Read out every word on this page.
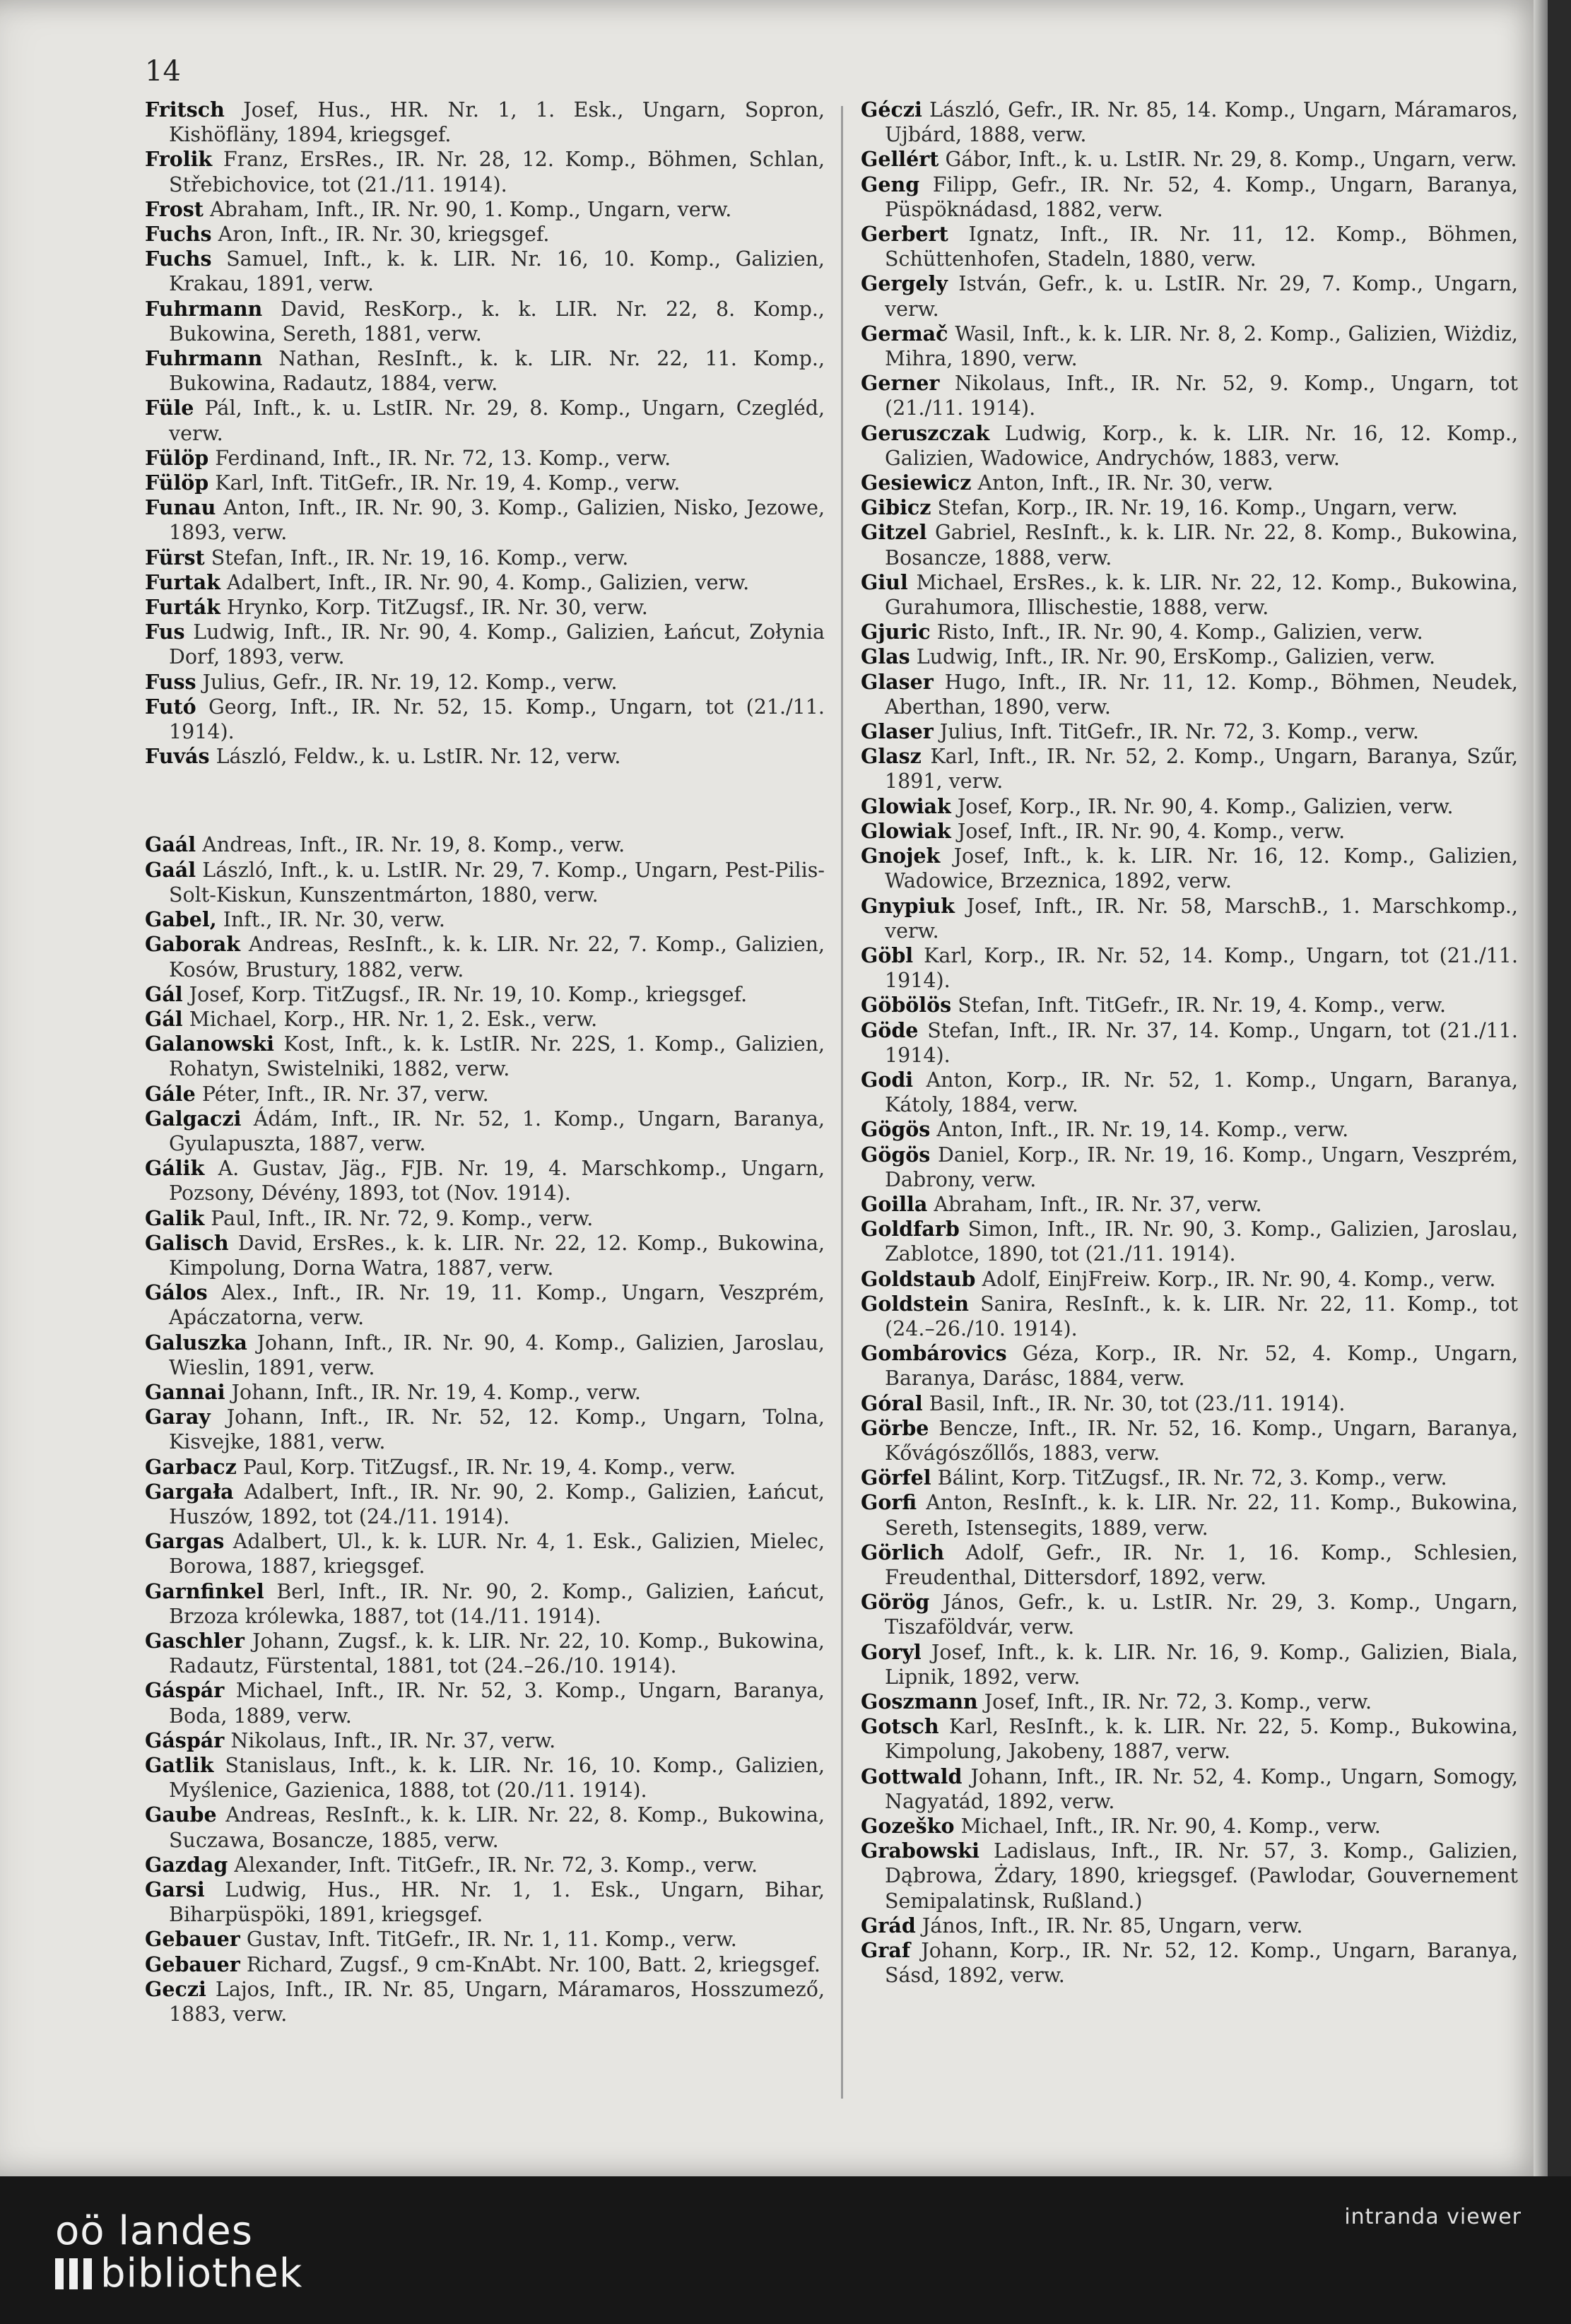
14

Fritsch Josef, Hus., HR. Nr. 1, 1. Esk., Ungarn, Sopron, Kishöfläny, 1894, kriegsgef.

Frolik Franz, ErsRes., IR. Nr. 28, 12. Komp., Böhmen, Schlan, Střebichovice, tot (21./11. 1914).

Frost Abraham, Inft., IR. Nr. 90, 1. Komp., Ungarn, verw.

Fuchs Aron, Inft., IR. Nr. 30, kriegsgef.

Fuchs Samuel, Inft., k. k. LIR. Nr. 16, 10. Komp., Galizien, Krakau, 1891, verw.

Fuhrmann David, ResKorp., k. k. LIR. Nr. 22, 8. Komp., Bukowina, Sereth, 1881, verw.

Fuhrmann Nathan, ResInft., k. k. LIR. Nr. 22, 11. Komp., Bukowina, Radautz, 1884, verw.

Füle Pál, Inft., k. u. LstIR. Nr. 29, 8. Komp., Ungarn, Czegléd, verw.

Fülöp Ferdinand, Inft., IR. Nr. 72, 13. Komp., verw.

Fülöp Karl, Inft. TitGefr., IR. Nr. 19, 4. Komp., verw.

Funau Anton, Inft., IR. Nr. 90, 3. Komp., Galizien, Nisko, Jezowe, 1893, verw.

Fürst Stefan, Inft., IR. Nr. 19, 16. Komp., verw.

Furtak Adalbert, Inft., IR. Nr. 90, 4. Komp., Galizien, verw.

Furták Hrynko, Korp. TitZugsf., IR. Nr. 30, verw.

Fus Ludwig, Inft., IR. Nr. 90, 4. Komp., Galizien, Łańcut, Zołynia Dorf, 1893, verw.

Fuss Julius, Gefr., IR. Nr. 19, 12. Komp., verw.

Futó Georg, Inft., IR. Nr. 52, 15. Komp., Ungarn, tot (21./11. 1914).

Fuvás László, Feldw., k. u. LstIR. Nr. 12, verw.

Gaál Andreas, Inft., IR. Nr. 19, 8. Komp., verw.

Gaál László, Inft., k. u. LstIR. Nr. 29, 7. Komp., Ungarn, Pest-Pilis-Solt-Kiskun, Kunszentmárton, 1880, verw.

Gabel, Inft., IR. Nr. 30, verw.

Gaborak Andreas, ResInft., k. k. LIR. Nr. 22, 7. Komp., Galizien, Kosów, Brustury, 1882, verw.

Gál Josef, Korp. TitZugsf., IR. Nr. 19, 10. Komp., kriegsgef.

Gál Michael, Korp., HR. Nr. 1, 2. Esk., verw.

Galanowski Kost, Inft., k. k. LstIR. Nr. 22S, 1. Komp., Galizien, Rohatyn, Swistelniki, 1882, verw.

Gále Péter, Inft., IR. Nr. 37, verw.

Galgaczi Ádám, Inft., IR. Nr. 52, 1. Komp., Ungarn, Baranya, Gyulapuszta, 1887, verw.

Gálik A. Gustav, Jäg., FJB. Nr. 19, 4. Marschkomp., Ungarn, Pozsony, Dévény, 1893, tot (Nov. 1914).

Galik Paul, Inft., IR. Nr. 72, 9. Komp., verw.

Galisch David, ErsRes., k. k. LIR. Nr. 22, 12. Komp., Bukowina, Kimpolung, Dorna Watra, 1887, verw.

Gálos Alex., Inft., IR. Nr. 19, 11. Komp., Ungarn, Veszprém, Apáczatorna, verw.

Galuszka Johann, Inft., IR. Nr. 90, 4. Komp., Galizien, Jaroslau, Wieslin, 1891, verw.

Gannai Johann, Inft., IR. Nr. 19, 4. Komp., verw.

Garay Johann, Inft., IR. Nr. 52, 12. Komp., Ungarn, Tolna, Kisvejke, 1881, verw.

Garbacz Paul, Korp. TitZugsf., IR. Nr. 19, 4. Komp., verw.

Gargała Adalbert, Inft., IR. Nr. 90, 2. Komp., Galizien, Łańcut, Huszów, 1892, tot (24./11. 1914).

Gargas Adalbert, Ul., k. k. LUR. Nr. 4, 1. Esk., Galizien, Mielec, Borowa, 1887, kriegsgef.

Garnfinkel Berl, Inft., IR. Nr. 90, 2. Komp., Galizien, Łańcut, Brzoza królewka, 1887, tot (14./11. 1914).

Gaschler Johann, Zugsf., k. k. LIR. Nr. 22, 10. Komp., Bukowina, Radautz, Fürstental, 1881, tot (24.–26./10. 1914).

Gáspár Michael, Inft., IR. Nr. 52, 3. Komp., Ungarn, Baranya, Boda, 1889, verw.

Gáspár Nikolaus, Inft., IR. Nr. 37, verw.

Gatlik Stanislaus, Inft., k. k. LIR. Nr. 16, 10. Komp., Galizien, Myślenice, Gazienica, 1888, tot (20./11. 1914).

Gaube Andreas, ResInft., k. k. LIR. Nr. 22, 8. Komp., Bukowina, Suczawa, Bosancze, 1885, verw.

Gazdag Alexander, Inft. TitGefr., IR. Nr. 72, 3. Komp., verw.

Garsi Ludwig, Hus., HR. Nr. 1, 1. Esk., Ungarn, Bihar, Biharpüspöki, 1891, kriegsgef.

Gebauer Gustav, Inft. TitGefr., IR. Nr. 1, 11. Komp., verw.

Gebauer Richard, Zugsf., 9 cm-KnAbt. Nr. 100, Batt. 2, kriegsgef.

Geczi Lajos, Inft., IR. Nr. 85, Ungarn, Máramaros, Hosszumező, 1883, verw.

Géczi László, Gefr., IR. Nr. 85, 14. Komp., Ungarn, Máramaros, Ujbárd, 1888, verw.

Gellért Gábor, Inft., k. u. LstIR. Nr. 29, 8. Komp., Ungarn, verw.

Geng Filipp, Gefr., IR. Nr. 52, 4. Komp., Ungarn, Baranya, Püspöknádasd, 1882, verw.

Gerbert Ignatz, Inft., IR. Nr. 11, 12. Komp., Böhmen, Schüttenhofen, Stadeln, 1880, verw.

Gergely István, Gefr., k. u. LstIR. Nr. 29, 7. Komp., Ungarn, verw.

Germač Wasil, Inft., k. k. LIR. Nr. 8, 2. Komp., Galizien, Wiżdiz, Mihra, 1890, verw.

Gerner Nikolaus, Inft., IR. Nr. 52, 9. Komp., Ungarn, tot (21./11. 1914).

Geruszczak Ludwig, Korp., k. k. LIR. Nr. 16, 12. Komp., Galizien, Wadowice, Andrychów, 1883, verw.

Gesiewicz Anton, Inft., IR. Nr. 30, verw.

Gibicz Stefan, Korp., IR. Nr. 19, 16. Komp., Ungarn, verw.

Gitzel Gabriel, ResInft., k. k. LIR. Nr. 22, 8. Komp., Bukowina, Bosancze, 1888, verw.

Giul Michael, ErsRes., k. k. LIR. Nr. 22, 12. Komp., Bukowina, Gurahumora, Illischestie, 1888, verw.

Gjuric Risto, Inft., IR. Nr. 90, 4. Komp., Galizien, verw.

Glas Ludwig, Inft., IR. Nr. 90, ErsKomp., Galizien, verw.

Glaser Hugo, Inft., IR. Nr. 11, 12. Komp., Böhmen, Neudek, Aberthan, 1890, verw.

Glaser Julius, Inft. TitGefr., IR. Nr. 72, 3. Komp., verw.

Glasz Karl, Inft., IR. Nr. 52, 2. Komp., Ungarn, Baranya, Szűr, 1891, verw.

Glowiak Josef, Korp., IR. Nr. 90, 4. Komp., Galizien, verw.

Glowiak Josef, Inft., IR. Nr. 90, 4. Komp., verw.

Gnojek Josef, Inft., k. k. LIR. Nr. 16, 12. Komp., Galizien, Wadowice, Brzeznica, 1892, verw.

Gnypiuk Josef, Inft., IR. Nr. 58, MarschB., 1. Marschkomp., verw.

Göbl Karl, Korp., IR. Nr. 52, 14. Komp., Ungarn, tot (21./11. 1914).

Göbölös Stefan, Inft. TitGefr., IR. Nr. 19, 4. Komp., verw.

Göde Stefan, Inft., IR. Nr. 37, 14. Komp., Ungarn, tot (21./11. 1914).

Godi Anton, Korp., IR. Nr. 52, 1. Komp., Ungarn, Baranya, Kátoly, 1884, verw.

Gögös Anton, Inft., IR. Nr. 19, 14. Komp., verw.

Gögös Daniel, Korp., IR. Nr. 19, 16. Komp., Ungarn, Veszprém, Dabrony, verw.

Goilla Abraham, Inft., IR. Nr. 37, verw.

Goldfarb Simon, Inft., IR. Nr. 90, 3. Komp., Galizien, Jaroslau, Zablotce, 1890, tot (21./11. 1914).

Goldstaub Adolf, EinjFreiw. Korp., IR. Nr. 90, 4. Komp., verw.

Goldstein Sanira, ResInft., k. k. LIR. Nr. 22, 11. Komp., tot (24.–26./10. 1914).

Gombárovics Géza, Korp., IR. Nr. 52, 4. Komp., Ungarn, Baranya, Darásc, 1884, verw.

Góral Basil, Inft., IR. Nr. 30, tot (23./11. 1914).

Görbe Bencze, Inft., IR. Nr. 52, 16. Komp., Ungarn, Baranya, Kővágószőllős, 1883, verw.

Görfel Bálint, Korp. TitZugsf., IR. Nr. 72, 3. Komp., verw.

Gorfi Anton, ResInft., k. k. LIR. Nr. 22, 11. Komp., Bukowina, Sereth, Istensegits, 1889, verw.

Görlich Adolf, Gefr., IR. Nr. 1, 16. Komp., Schlesien, Freudenthal, Dittersdorf, 1892, verw.

Görög János, Gefr., k. u. LstIR. Nr. 29, 3. Komp., Ungarn, Tiszaföldvár, verw.

Goryl Josef, Inft., k. k. LIR. Nr. 16, 9. Komp., Galizien, Biala, Lipnik, 1892, verw.

Goszmann Josef, Inft., IR. Nr. 72, 3. Komp., verw.

Gotsch Karl, ResInft., k. k. LIR. Nr. 22, 5. Komp., Bukowina, Kimpolung, Jakobeny, 1887, verw.

Gottwald Johann, Inft., IR. Nr. 52, 4. Komp., Ungarn, Somogy, Nagyatád, 1892, verw.

Gozeško Michael, Inft., IR. Nr. 90, 4. Komp., verw.

Grabowski Ladislaus, Inft., IR. Nr. 57, 3. Komp., Galizien, Dąbrowa, Żdary, 1890, kriegsgef. (Pawlodar, Gouvernement Semipalatinsk, Rußland.)

Grád János, Inft., IR. Nr. 85, Ungarn, verw.

Graf Johann, Korp., IR. Nr. 52, 12. Komp., Ungarn, Baranya, Sásd, 1892, verw.

oö landes
bibliothek
intranda viewer
